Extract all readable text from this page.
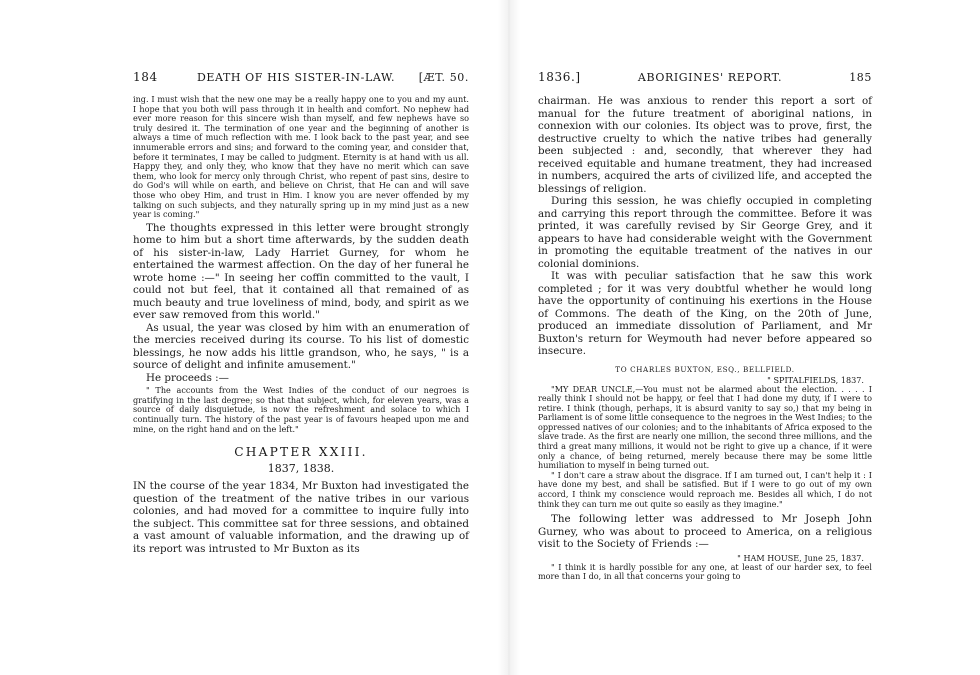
184	DEATH OF HIS SISTER-IN-LAW.	[ÆT. 50.

ing. I must wish that the new one may be a really happy one to you and my aunt. I hope that you both will pass through it in health and comfort. No nephew had ever more reason for this sincere wish than myself, and few nephews have so truly desired it. The termination of one year and the beginning of another is always a time of much reflection with me. I look back to the past year, and see innumerable errors and sins; and forward to the coming year, and consider that, before it terminates, I may be called to judgment. Eternity is at hand with us all. Happy they, and only they, who know that they have no merit which can save them, who look for mercy only through Christ, who repent of past sins, desire to do God's will while on earth, and believe on Christ, that He can and will save those who obey Him, and trust in Him. I know you are never offended by my talking on such subjects, and they naturally spring up in my mind just as a new year is coming."

The thoughts expressed in this letter were brought strongly home to him but a short time afterwards, by the sudden death of his sister-in-law, Lady Harriet Gurney, for whom he entertained the warmest affection. On the day of her funeral he wrote home :—" In seeing her coffin committed to the vault, I could not but feel, that it contained all that remained of as much beauty and true loveliness of mind, body, and spirit as we ever saw removed from this world."

As usual, the year was closed by him with an enumeration of the mercies received during its course. To his list of domestic blessings, he now adds his little grandson, who, he says, " is a source of delight and infinite amusement."

He proceeds :—

" The accounts from the West Indies of the conduct of our negroes is gratifying in the last degree; so that that subject, which, for eleven years, was a source of daily disquietude, is now the refreshment and solace to which I continually turn. The history of the past year is of favours heaped upon me and mine, on the right hand and on the left."

CHAPTER XXIII.
1837, 1838.

IN the course of the year 1834, Mr Buxton had investigated the question of the treatment of the native tribes in our various colonies, and had moved for a committee to inquire fully into the subject. This committee sat for three sessions, and obtained a vast amount of valuable information, and the drawing up of its report was intrusted to Mr Buxton as its

1836.]	ABORIGINES' REPORT.	185

chairman. He was anxious to render this report a sort of manual for the future treatment of aboriginal nations, in connexion with our colonies. Its object was to prove, first, the destructive cruelty to which the native tribes had generally been subjected : and, secondly, that wherever they had received equitable and humane treatment, they had increased in numbers, acquired the arts of civilized life, and accepted the blessings of religion.

During this session, he was chiefly occupied in completing and carrying this report through the committee. Before it was printed, it was carefully revised by Sir George Grey, and it appears to have had considerable weight with the Government in promoting the equitable treatment of the natives in our colonial dominions.

It was with peculiar satisfaction that he saw this work completed ; for it was very doubtful whether he would long have the opportunity of continuing his exertions in the House of Commons. The death of the King, on the 20th of June, produced an immediate dissolution of Parliament, and Mr Buxton's return for Weymouth had never before appeared so insecure.

TO CHARLES BUXTON, ESQ., BELLFIELD.
" SPITALFIELDS, 1837.

"MY DEAR UNCLE,—You must not be alarmed about the election. . . . . I really think I should not be happy, or feel that I had done my duty, if I were to retire. I think (though, perhaps, it is absurd vanity to say so,) that my being in Parliament is of some little consequence to the negroes in the West Indies; to the oppressed natives of our colonies; and to the inhabitants of Africa exposed to the slave trade. As the first are nearly one million, the second three millions, and the third a great many millions, it would not be right to give up a chance, if it were only a chance, of being returned, merely because there may be some little humiliation to myself in being turned out.

" I don't care a straw about the disgrace. If I am turned out, I can't help it : I have done my best, and shall be satisfied. But if I were to go out of my own accord, I think my conscience would reproach me. Besides all which, I do not think they can turn me out quite so easily as they imagine."

The following letter was addressed to Mr Joseph John Gurney, who was about to proceed to America, on a religious visit to the Society of Friends :—

" HAM HOUSE, June 25, 1837.

" I think it is hardly possible for any one, at least of our harder sex, to feel more than I do, in all that concerns your going to
